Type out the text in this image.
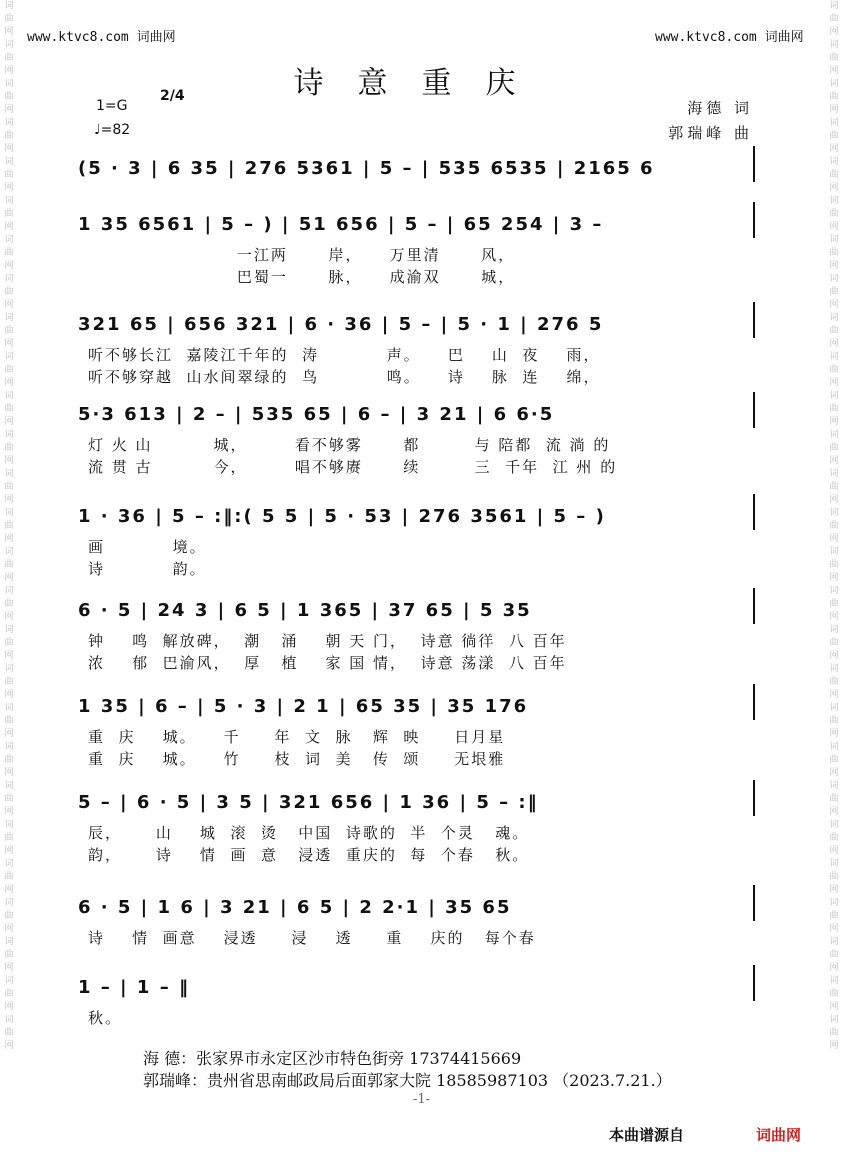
词曲网词曲网词曲网词曲网词曲网词曲网词曲网词曲网词曲网词曲网词曲网词曲网词曲网词曲网词曲网词曲网词曲网词曲网词曲网词曲网词曲网词曲网词曲网词曲网词曲网词曲网词曲网
词曲网词曲网词曲网词曲网词曲网词曲网词曲网词曲网词曲网词曲网词曲网词曲网词曲网词曲网词曲网词曲网词曲网词曲网词曲网词曲网词曲网词曲网词曲网词曲网词曲网词曲网词曲网
www.ktvc8.com 词曲网	www.ktvc8.com 词曲网
诗意重庆
1=G
2/4
♩=82
海德 词
郭瑞峰 曲
(5 · 3 | 6 35 | 276 5361 | 5 – | 535 6535 | 2165 6
1 35 6561 | 5 – ) | 51 656 | 5 – | 65 254 | 3 –
一江两      岸，    万里清      风，
巴蜀一      脉，    成渝双      城，
321 65 | 656 321 | 6 · 36 | 5 – | 5 · 1 | 276 5
听不够长江  嘉陵江千年的  涛          声。    巴    山  夜    雨，
听不够穿越  山水间翠绿的  鸟          鸣。    诗    脉  连    绵，
5·3 613 | 2 – | 535 65 | 6 – | 3 21 | 6 6·5
灯 火 山         城，       看不够雾      都        与 陪都  流 淌 的
流 贯 古         今，       唱不够赓      续        三  千年  江 州 的
1 · 36 | 5 – :‖:( 5 5 | 5 · 53 | 276 3561 | 5 – )
画          境。
诗          韵。
6 · 5 | 24 3 | 6 5 | 1 365 | 37 65 | 5 35
钟    鸣  解放碑，  潮   涌    朝 天 门，  诗意 徜徉  八 百年
浓    郁  巴渝风，  厚   植    家 国 情，  诗意 荡漾  八 百年
1 35 | 6 – | 5 · 3 | 2 1 | 65 35 | 35 176
重  庆    城。    千     年  文  脉   辉  映     日月星
重  庆    城。    竹     枝  词  美   传  颂     无垠雅
5 – | 6 · 5 | 3 5 | 321 656 | 1 36 | 5 – :‖
辰，     山    城  滚  烫   中国  诗歌的  半  个灵   魂。
韵，     诗    情  画  意   浸透  重庆的  每  个春   秋。
6 · 5 | 1 6 | 3 21 | 6 5 | 2 2·1 | 35 65
诗    情  画意    浸透     浸    透     重    庆的   每个春
1 – | 1 – ‖
秋。
海 德：张家界市永定区沙市特色街旁 17374415669
郭瑞峰：贵州省思南邮政局后面郭家大院 18585987103 （2023.7.21.）
-1-
本曲谱源自	词曲网
